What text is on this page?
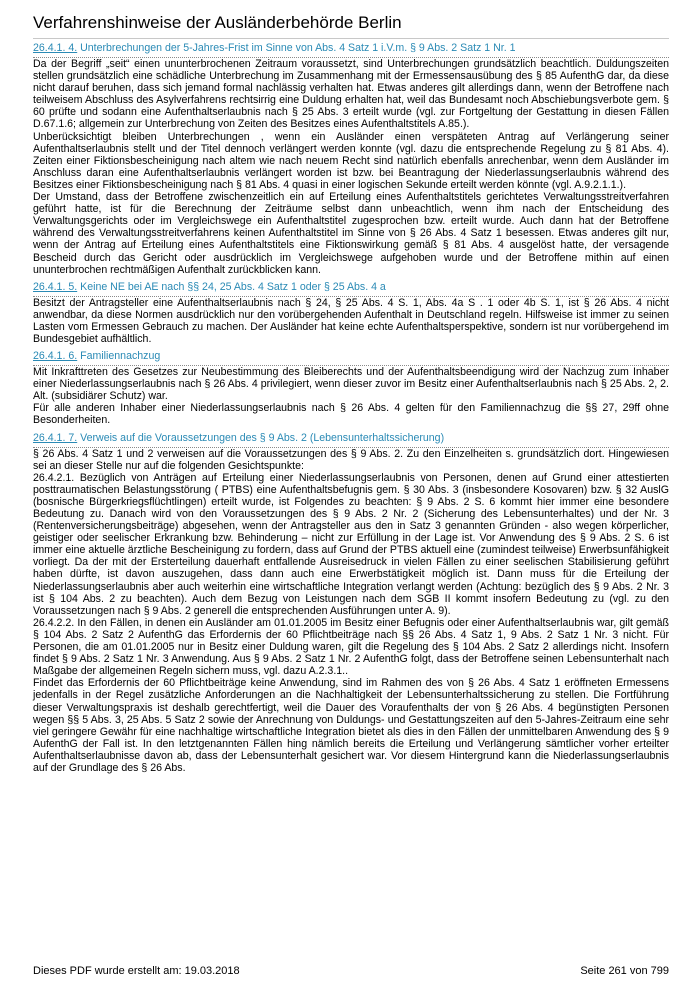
Verfahrenshinweise der Ausländerbehörde Berlin
26.4.1. 4. Unterbrechungen der 5-Jahres-Frist im Sinne von Abs. 4 Satz 1 i.V.m. § 9 Abs. 2 Satz 1 Nr. 1

Da der Begriff „seit“ einen ununterbrochenen Zeitraum voraussetzt, sind Unterbrechungen grundsätzlich beachtlich. Duldungszeiten stellen grundsätzlich eine schädliche Unterbrechung im Zusammenhang mit der Ermessensausübung des § 85 AufenthG dar, da diese nicht darauf beruhen, dass sich jemand formal nachlässig verhalten hat. Etwas anderes gilt allerdings dann, wenn der Betroffene nach teilweisem Abschluss des Asylverfahrens rechtsirrig eine Duldung erhalten hat, weil das Bundesamt noch Abschiebungsverbote gem. § 60 prüfte und sodann eine Aufenthaltserlaubnis nach § 25 Abs. 3 erteilt wurde (vgl. zur Fortgeltung der Gestattung in diesen Fällen D.67.1.6; allgemein zur Unterbrechung von Zeiten des Besitzes eines Aufenthaltstitels A.85.).

Unberücksichtigt bleiben Unterbrechungen , wenn ein Ausländer einen verspäteten Antrag auf Verlängerung seiner Aufenthaltserlaubnis stellt und der Titel dennoch verlängert werden konnte (vgl. dazu die entsprechende Regelung zu § 81 Abs. 4). Zeiten einer Fiktionsbescheinigung nach altem wie nach neuem Recht sind natürlich ebenfalls anrechenbar, wenn dem Ausländer im Anschluss daran eine Aufenthaltserlaubnis verlängert worden ist bzw. bei Beantragung der Niederlassungserlaubnis während des Besitzes einer Fiktionsbescheinigung nach § 81 Abs. 4 quasi in einer logischen Sekunde erteilt werden könnte (vgl. A.9.2.1.1.).

Der Umstand, dass der Betroffene zwischenzeitlich ein auf Erteilung eines Aufenthaltstitels gerichtetes Verwaltungsstreitverfahren geführt hatte, ist für die Berechnung der Zeiträume selbst dann unbeachtlich, wenn ihm nach der Entscheidung des Verwaltungsgerichts oder im Vergleichswege ein Aufenthaltstitel zugesprochen bzw. erteilt wurde. Auch dann hat der Betroffene während des Verwaltungsstreitverfahrens keinen Aufenthaltstitel im Sinne von § 26 Abs. 4 Satz 1 besessen. Etwas anderes gilt nur, wenn der Antrag auf Erteilung eines Aufenthaltstitels eine Fiktionswirkung gemäß § 81 Abs. 4 ausgelöst hatte, der versagende Bescheid durch das Gericht oder ausdrücklich im Vergleichswege aufgehoben wurde und der Betroffene mithin auf einen ununterbrochen rechtmäßigen Aufenthalt zurückblicken kann.

26.4.1. 5. Keine NE bei AE nach §§ 24, 25 Abs. 4 Satz 1 oder § 25 Abs. 4 a

Besitzt der Antragsteller eine Aufenthaltserlaubnis nach § 24, § 25 Abs. 4 S. 1, Abs. 4a S . 1 oder 4b S. 1, ist § 26 Abs. 4 nicht anwendbar, da diese Normen ausdrücklich nur den vorübergehenden Aufenthalt in Deutschland regeln. Hilfsweise ist immer zu seinen Lasten vom Ermessen Gebrauch zu machen. Der Ausländer hat keine echte Aufenthaltsperspektive, sondern ist nur vorübergehend im Bundesgebiet aufhältlich.

26.4.1. 6. Familiennachzug

Mit Inkrafttreten des Gesetzes zur Neubestimmung des Bleiberechts und der Aufenthaltsbeendigung wird der Nachzug zum Inhaber einer Niederlassungserlaubnis nach § 26 Abs. 4 privilegiert, wenn dieser zuvor im Besitz einer Aufenthaltserlaubnis nach § 25 Abs. 2, 2. Alt. (subsidiärer Schutz) war.

Für alle anderen Inhaber einer Niederlassungserlaubnis nach § 26 Abs. 4 gelten für den Familiennachzug die §§ 27, 29ff ohne Besonderheiten.

26.4.1. 7. Verweis auf die Voraussetzungen des § 9 Abs. 2 (Lebensunterhaltssicherung)

§ 26 Abs. 4 Satz 1 und 2 verweisen auf die Voraussetzungen des § 9 Abs. 2. Zu den Einzelheiten s. grundsätzlich dort. Hingewiesen sei an dieser Stelle nur auf die folgenden Gesichtspunkte:

26.4.2.1. Bezüglich von Anträgen auf Erteilung einer Niederlassungserlaubnis von Personen, denen auf Grund einer attestierten posttraumatischen Belastungsstörung ( PTBS) eine Aufenthaltsbefugnis gem. § 30 Abs. 3 (insbesondere Kosovaren) bzw. § 32 AuslG (bosnische Bürgerkriegsflüchtlingen) erteilt wurde, ist Folgendes zu beachten: § 9 Abs. 2 S. 6 kommt hier immer eine besondere Bedeutung zu. Danach wird von den Voraussetzungen des § 9 Abs. 2 Nr. 2 (Sicherung des Lebensunterhaltes) und der Nr. 3 (Rentenversicherungsbeiträge) abgesehen, wenn der Antragsteller aus den in Satz 3 genannten Gründen - also wegen körperlicher, geistiger oder seelischer Erkrankung bzw. Behinderung – nicht zur Erfüllung in der Lage ist. Vor Anwendung des § 9 Abs. 2 S. 6 ist immer eine aktuelle ärztliche Bescheinigung zu fordern, dass auf Grund der PTBS aktuell eine (zumindest teilweise) Erwerbsunfähigkeit vorliegt. Da der mit der Ersterteilung dauerhaft entfallende Ausreisedruck in vielen Fällen zu einer seelischen Stabilisierung geführt haben dürfte, ist davon auszugehen, dass dann auch eine Erwerbstätigkeit möglich ist. Dann muss für die Erteilung der Niederlassungserlaubnis aber auch weiterhin eine wirtschaftliche Integration verlangt werden (Achtung: bezüglich des § 9 Abs. 2 Nr. 3 ist § 104 Abs. 2 zu beachten). Auch dem Bezug von Leistungen nach dem SGB II kommt insofern Bedeutung zu (vgl. zu den Voraussetzungen nach § 9 Abs. 2 generell die entsprechenden Ausführungen unter A. 9).

26.4.2.2. In den Fällen, in denen ein Ausländer am 01.01.2005 im Besitz einer Befugnis oder einer Aufenthaltserlaubnis war, gilt gemäß § 104 Abs. 2 Satz 2 AufenthG das Erfordernis der 60 Pflichtbeiträge nach §§ 26 Abs. 4 Satz 1, 9 Abs. 2 Satz 1 Nr. 3 nicht. Für Personen, die am 01.01.2005 nur in Besitz einer Duldung waren, gilt die Regelung des § 104 Abs. 2 Satz 2 allerdings nicht. Insofern findet § 9 Abs. 2 Satz 1 Nr. 3 Anwendung. Aus § 9 Abs. 2 Satz 1 Nr. 2 AufenthG folgt, dass der Betroffene seinen Lebensunterhalt nach Maßgabe der allgemeinen Regeln sichern muss, vgl. dazu A.2.3.1..

Findet das Erfordernis der 60 Pflichtbeiträge keine Anwendung, sind im Rahmen des von § 26 Abs. 4 Satz 1 eröffneten Ermessens jedenfalls in der Regel zusätzliche Anforderungen an die Nachhaltigkeit der Lebensunterhaltssicherung zu stellen. Die Fortführung dieser Verwaltungspraxis ist deshalb gerechtfertigt, weil die Dauer des Voraufenthalts der von § 26 Abs. 4 begünstigten Personen wegen §§ 5 Abs. 3, 25 Abs. 5 Satz 2 sowie der Anrechnung von Duldungs- und Gestattungszeiten auf den 5-Jahres-Zeitraum eine sehr viel geringere Gewähr für eine nachhaltige wirtschaftliche Integration bietet als dies in den Fällen der unmittelbaren Anwendung des § 9 AufenthG der Fall ist. In den letztgenannten Fällen hing nämlich bereits die Erteilung und Verlängerung sämtlicher vorher erteilter Aufenthaltserlaubnisse davon ab, dass der Lebensunterhalt gesichert war. Vor diesem Hintergrund kann die Niederlassungserlaubnis auf der Grundlage des § 26 Abs.

Dieses PDF wurde erstellt am: 19.03.2018	Seite 261 von 799
